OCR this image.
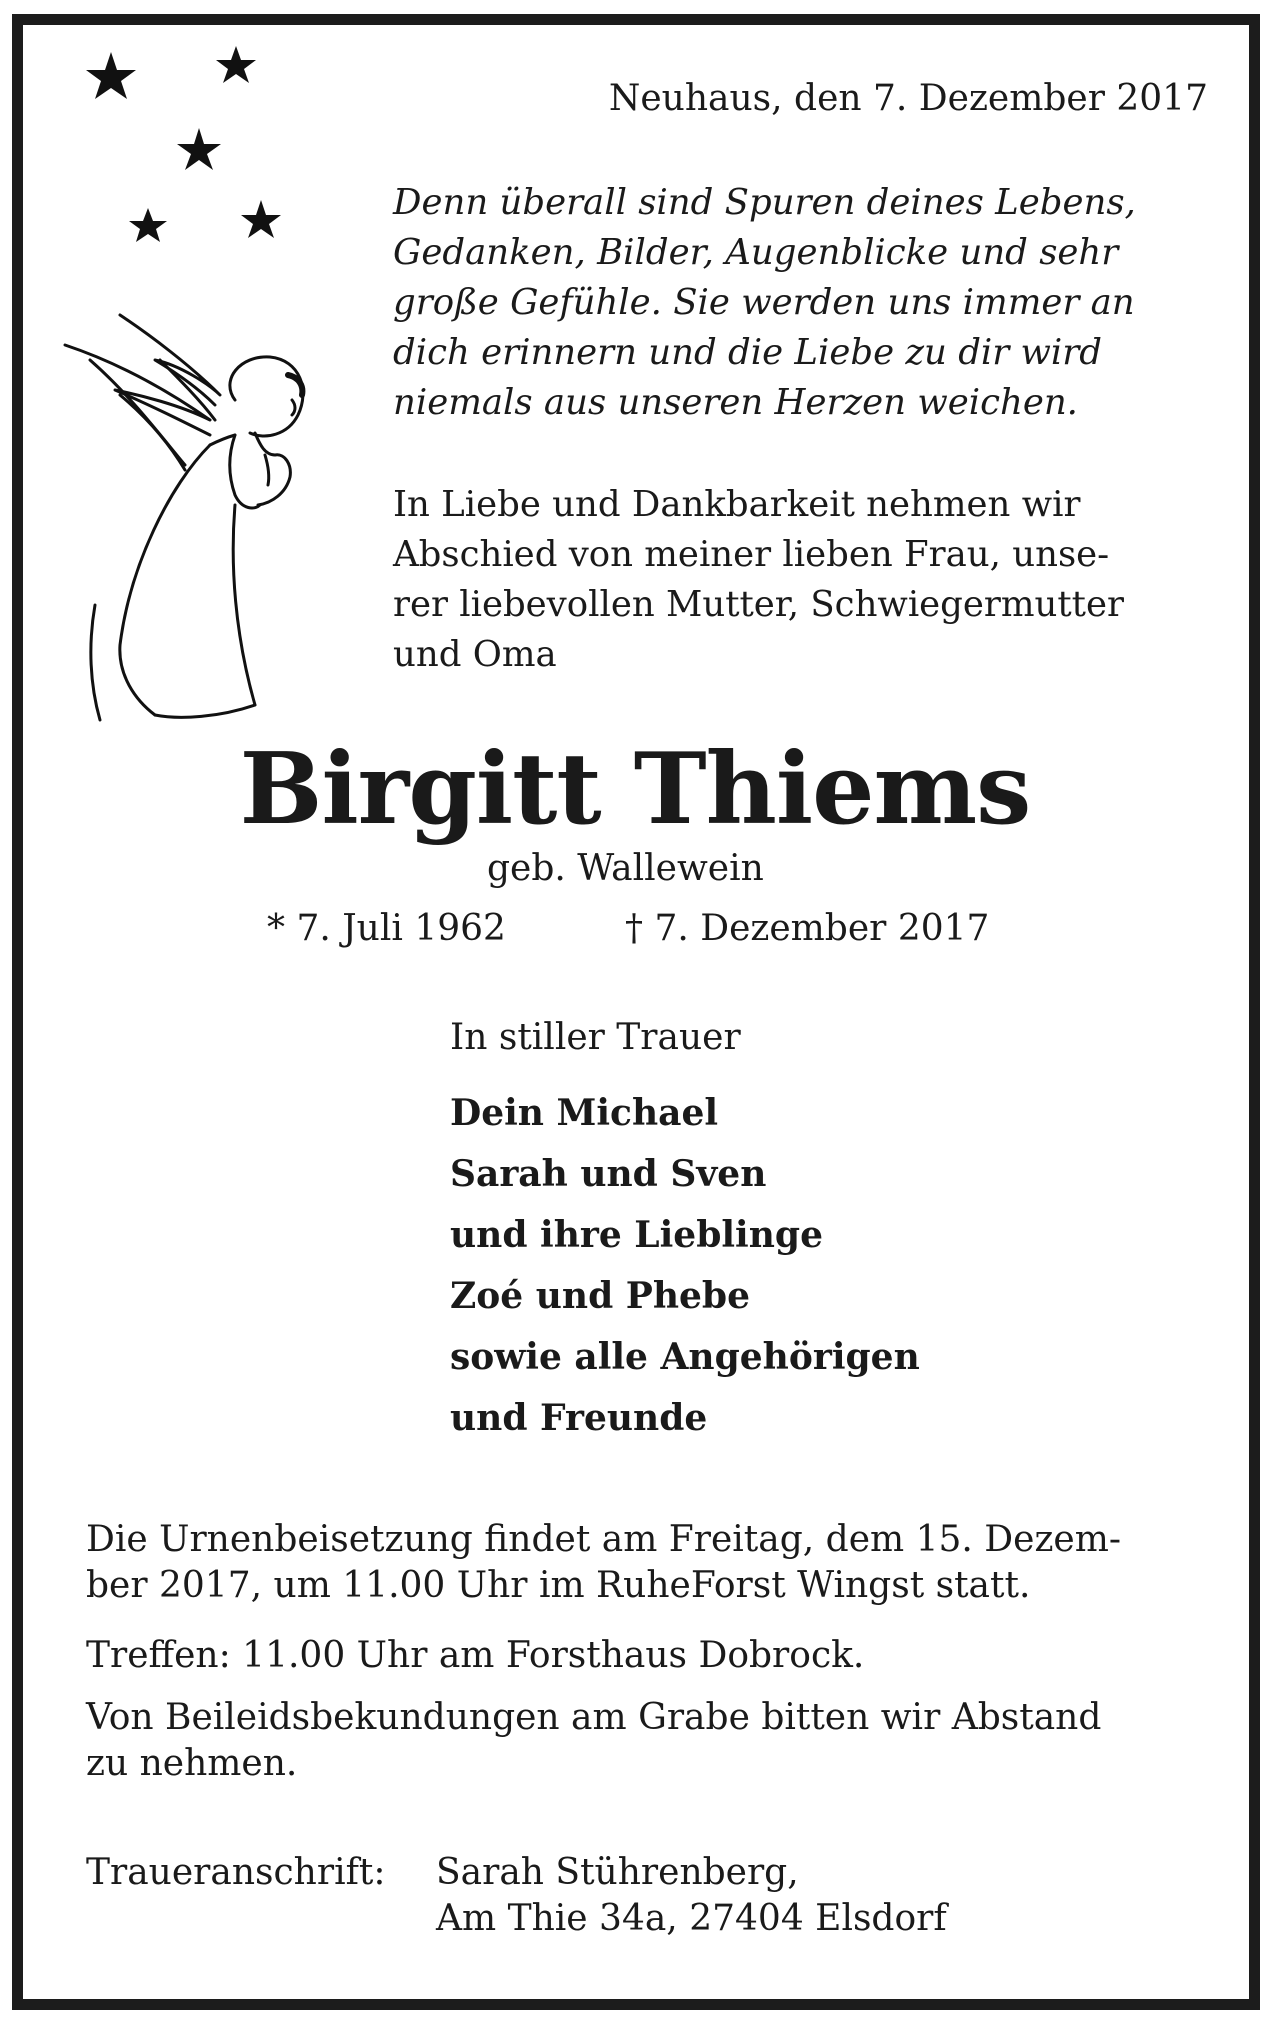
Neuhaus, den 7. Dezember 2017
Denn überall sind Spuren deines Lebens,
Gedanken, Bilder, Augenblicke und sehr
große Gefühle. Sie werden uns immer an
dich erinnern und die Liebe zu dir wird
niemals aus unseren Herzen weichen.
In Liebe und Dankbarkeit nehmen wir
Abschied von meiner lieben Frau, unse-
rer liebevollen Mutter, Schwiegermutter
und Oma
Birgitt Thiems
geb. Wallewein
* 7. Juli 1962	† 7. Dezember 2017
In stiller Trauer
Dein Michael
Sarah und Sven
und ihre Lieblinge
Zoé und Phebe
sowie alle Angehörigen
und Freunde
Die Urnenbeisetzung findet am Freitag, dem 15. Dezem-
ber 2017, um 11.00 Uhr im RuheForst Wingst statt.
Treffen: 11.00 Uhr am Forsthaus Dobrock.
Von Beileidsbekundungen am Grabe bitten wir Abstand
zu nehmen.
Traueranschrift: Sarah Stührenberg,
Am Thie 34a, 27404 Elsdorf
